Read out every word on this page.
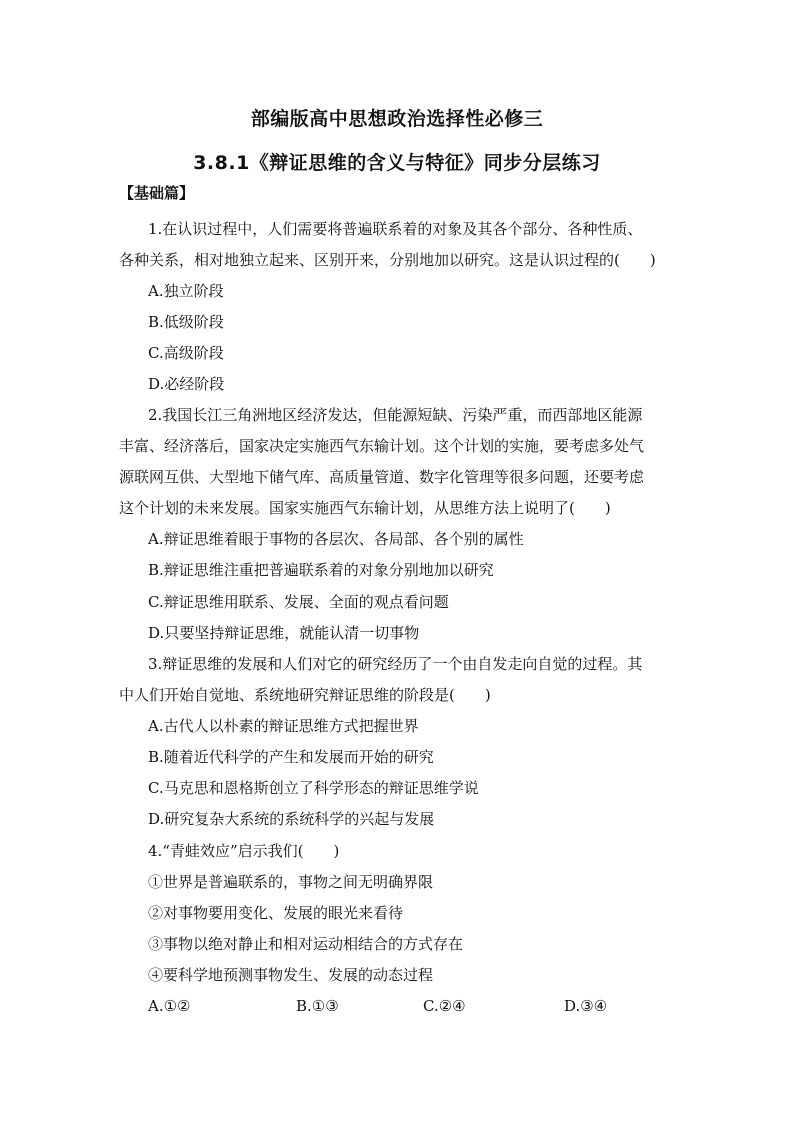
部编版高中思想政治选择性必修三
3.8.1《辩证思维的含义与特征》同步分层练习
【基础篇】
1.在认识过程中，人们需要将普遍联系着的对象及其各个部分、各种性质、
各种关系，相对地独立起来、区别开来，分别地加以研究。这是认识过程的(　　)
A.独立阶段
B.低级阶段
C.高级阶段
D.必经阶段
2.我国长江三角洲地区经济发达，但能源短缺、污染严重，而西部地区能源
丰富、经济落后，国家决定实施西气东输计划。这个计划的实施，要考虑多处气
源联网互供、大型地下储气库、高质量管道、数字化管理等很多问题，还要考虑
这个计划的未来发展。国家实施西气东输计划，从思维方法上说明了(　　)
A.辩证思维着眼于事物的各层次、各局部、各个别的属性
B.辩证思维注重把普遍联系着的对象分别地加以研究
C.辩证思维用联系、发展、全面的观点看问题
D.只要坚持辩证思维，就能认清一切事物
3.辩证思维的发展和人们对它的研究经历了一个由自发走向自觉的过程。其
中人们开始自觉地、系统地研究辩证思维的阶段是(　　)
A.古代人以朴素的辩证思维方式把握世界
B.随着近代科学的产生和发展而开始的研究
C.马克思和恩格斯创立了科学形态的辩证思维学说
D.研究复杂大系统的系统科学的兴起与发展
4.“青蛙效应”启示我们(　　)
①世界是普遍联系的，事物之间无明确界限
②对事物要用变化、发展的眼光来看待
③事物以绝对静止和相对运动相结合的方式存在
④要科学地预测事物发生、发展的动态过程
A.①②	B.①③	C.②④	D.③④
